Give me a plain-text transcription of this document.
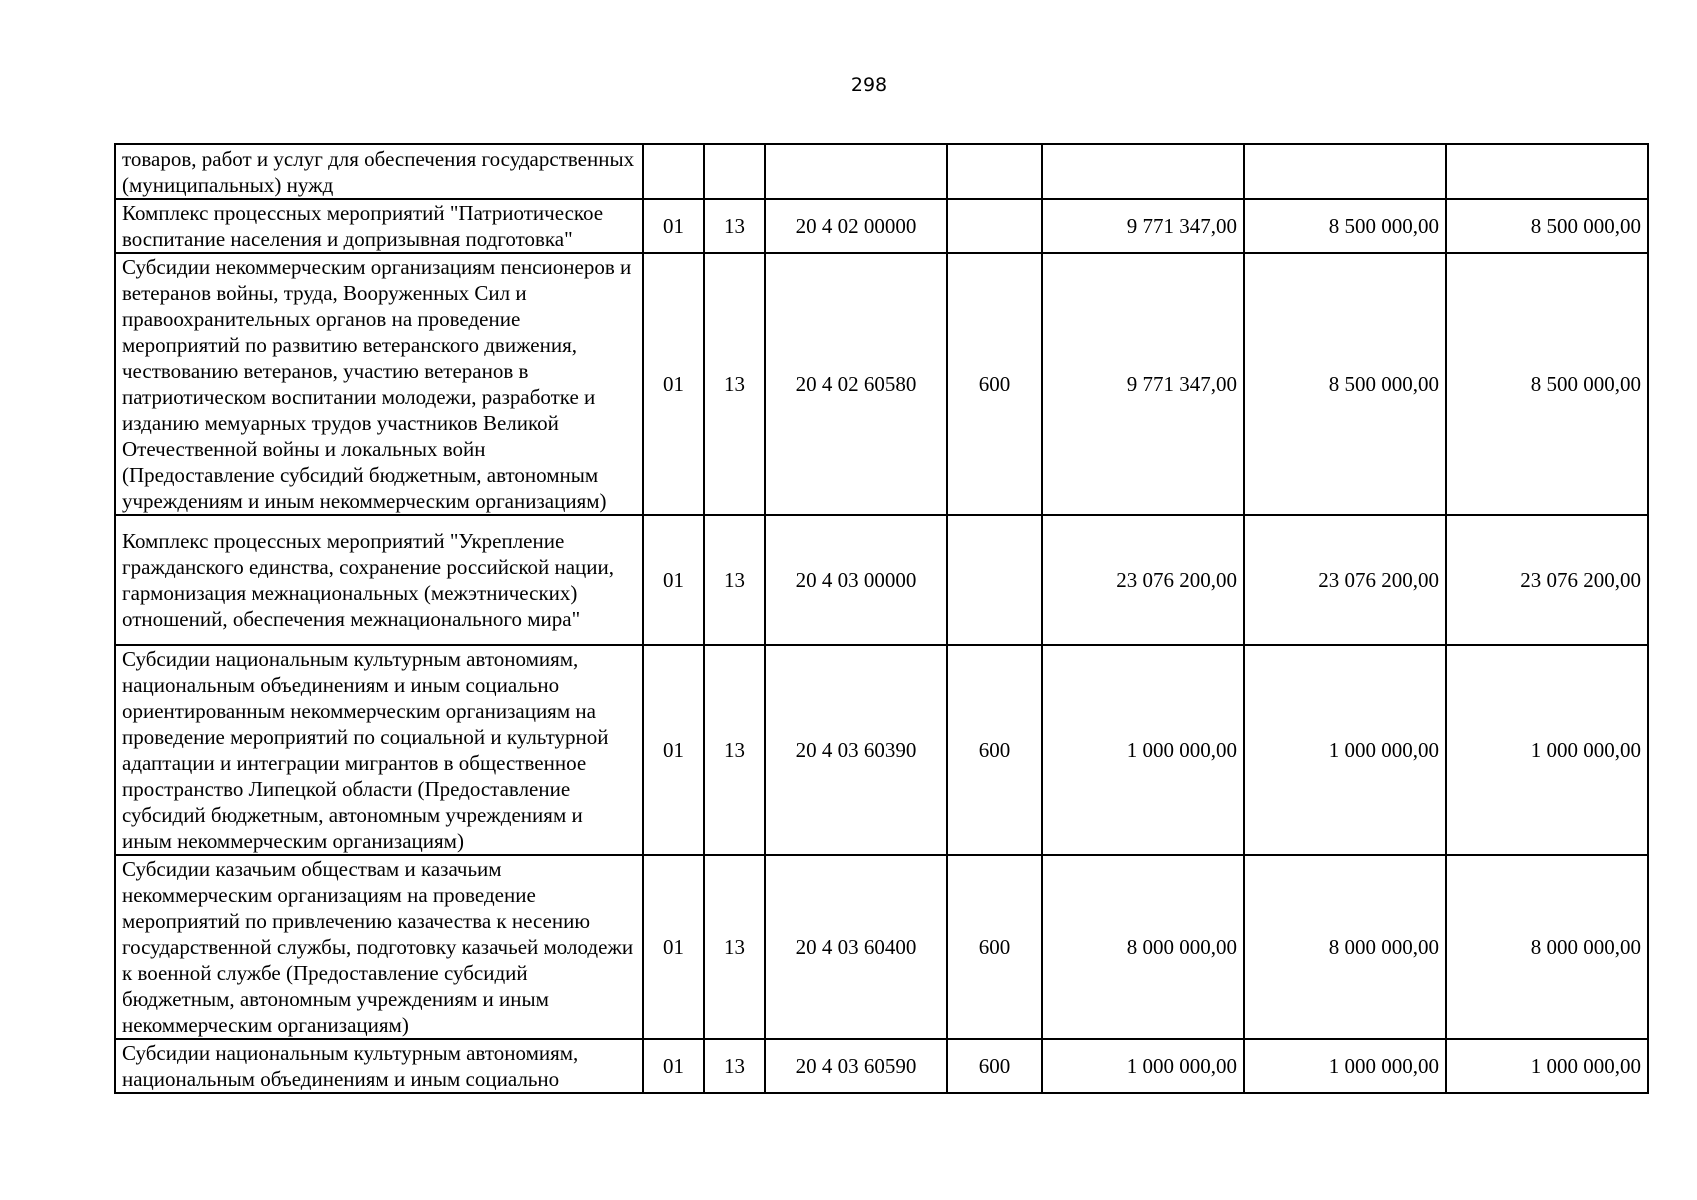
298
товаров, работ и услуг для обеспечения государственных (муниципальных) нужд							
Комплекс процессных мероприятий "Патриотическое воспитание населения и допризывная подготовка"	01	13	20 4 02 00000		9 771 347,00	8 500 000,00	8 500 000,00
Субсидии некоммерческим организациям пенсионеров и ветеранов войны, труда, Вооруженных Сил и правоохранительных органов на проведение мероприятий по развитию ветеранского движения, чествованию ветеранов, участию ветеранов в патриотическом воспитании молодежи, разработке и изданию мемуарных трудов участников Великой Отечественной войны и локальных войн (Предоставление субсидий бюджетным, автономным учреждениям и иным некоммерческим организациям)	01	13	20 4 02 60580	600	9 771 347,00	8 500 000,00	8 500 000,00
Комплекс процессных мероприятий "Укрепление гражданского единства, сохранение российской нации, гармонизация межнациональных (межэтнических) отношений, обеспечения межнационального мира"	01	13	20 4 03 00000		23 076 200,00	23 076 200,00	23 076 200,00
Субсидии национальным культурным автономиям, национальным объединениям и иным социально ориентированным некоммерческим организациям на проведение мероприятий по социальной и культурной адаптации и интеграции мигрантов в общественное пространство Липецкой области (Предоставление субсидий бюджетным, автономным учреждениям и иным некоммерческим организациям)	01	13	20 4 03 60390	600	1 000 000,00	1 000 000,00	1 000 000,00
Субсидии казачьим обществам и казачьим некоммерческим организациям на проведение мероприятий по привлечению казачества к несению государственной службы, подготовку казачьей молодежи к военной службе (Предоставление субсидий бюджетным, автономным учреждениям и иным некоммерческим организациям)	01	13	20 4 03 60400	600	8 000 000,00	8 000 000,00	8 000 000,00
Субсидии национальным культурным автономиям, национальным объединениям и иным социально	01	13	20 4 03 60590	600	1 000 000,00	1 000 000,00	1 000 000,00
